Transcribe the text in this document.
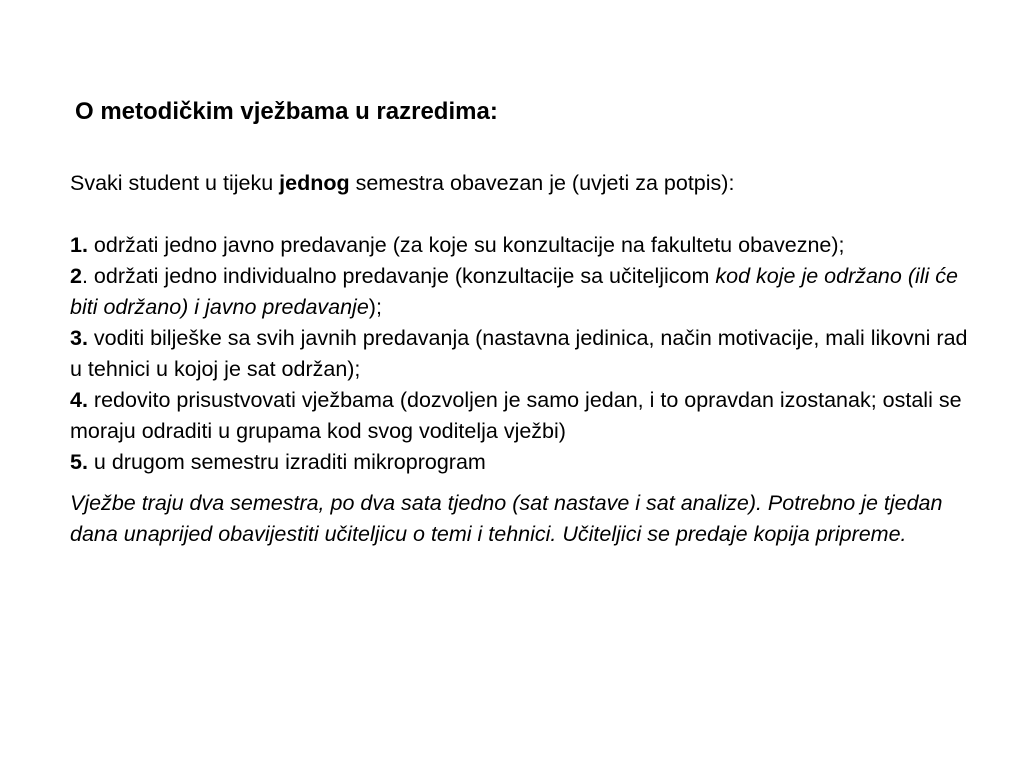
O metodičkim vježbama u razredima:

Svaki student u tijeku jednog semestra obavezan je (uvjeti za potpis):

1. održati jedno javno predavanje (za koje su konzultacije na fakultetu obavezne);

2. održati jedno individualno predavanje (konzultacije sa učiteljicom kod koje je održano (ili će biti održano) i javno predavanje);

3. voditi bilješke sa svih javnih predavanja (nastavna jedinica, način motivacije, mali likovni rad u tehnici u kojoj je sat održan);

4. redovito prisustvovati vježbama (dozvoljen je samo jedan, i to opravdan izostanak; ostali se moraju odraditi u grupama kod svog voditelja vježbi)

5. u drugom semestru izraditi mikroprogram

Vježbe traju dva semestra, po dva sata tjedno (sat nastave i sat analize). Potrebno je tjedan dana unaprijed obavijestiti učiteljicu o temi i tehnici. Učiteljici se predaje kopija pripreme.
